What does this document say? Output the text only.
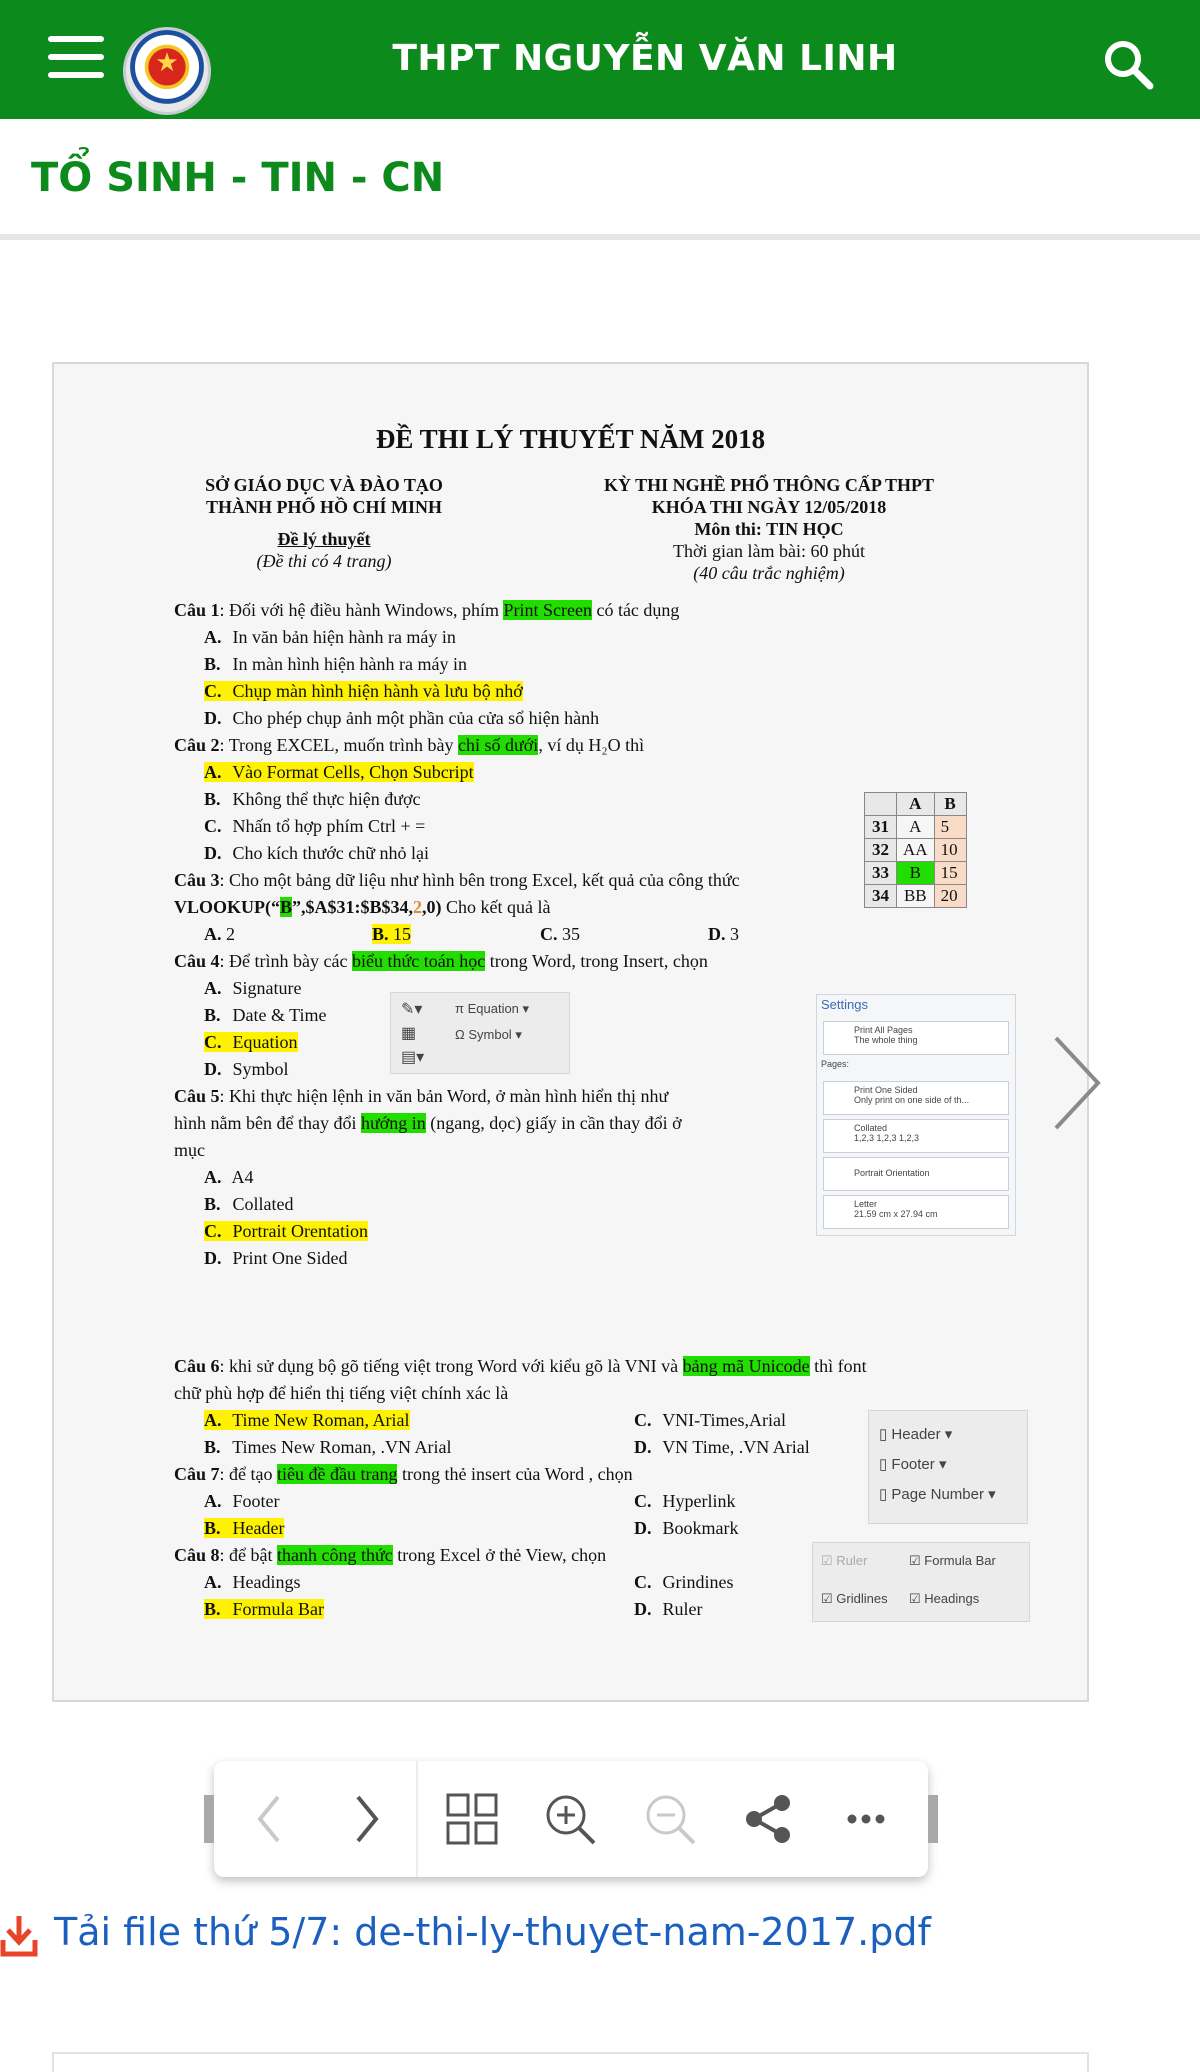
★
THPT NGUYỄN VĂN LINH
TỔ SINH - TIN - CN
ĐỀ THI LÝ THUYẾT NĂM 2018
SỞ GIÁO DỤC VÀ ĐÀO TẠO
THÀNH PHỐ HỒ CHÍ MINH
Đề lý thuyết
(Đề thi có 4 trang)
KỲ THI NGHỀ PHỔ THÔNG CẤP THPT
KHÓA THI NGÀY 12/05/2018
Môn thi: TIN HỌC
Thời gian làm bài: 60 phút
(40 câu trắc nghiệm)
Câu 1: Đối với hệ điều hành Windows, phím Print Screen có tác dụng
A. In văn bản hiện hành ra máy in
B. In màn hình hiện hành ra máy in
C. Chụp màn hình hiện hành và lưu bộ nhớ
D. Cho phép chụp ảnh một phần của cửa sổ hiện hành
Câu 2: Trong EXCEL, muốn trình bày chỉ số dưới, ví dụ H₂O thì
A. Vào Format Cells, Chọn Subcript
B. Không thể thực hiện được
C. Nhấn tổ hợp phím Ctrl + =
D. Cho kích thước chữ nhỏ lại
	A	B
31	A	5
32	AA	10
33	B	15
34	BB	20
Câu 3: Cho một bảng dữ liệu như hình bên trong Excel, kết quả của công thức
VLOOKUP(“B”,$A$31:$B$34,2,0) Cho kết quả là
A. 2	B. 15	C. 35	D. 3
Câu 4: Để trình bày các biểu thức toán học trong Word, trong Insert, chọn
A. Signature
B. Date & Time
C. Equation
D. Symbol
✎▾
▦
▤▾
π Equation ▾
Ω Symbol ▾
Câu 5: Khi thực hiện lệnh in văn bản Word, ở màn hình hiển thị như
hình nằm bên để thay đổi hướng in (ngang, dọc) giấy in cần thay đổi ở
mục
A. A4
B. Collated
C. Portrait Orentation
D. Print One Sided
Settings
Print All Pages
The whole thing
Pages:
Print One Sided
Only print on one side of th...
Collated
1,2,3 1,2,3 1,2,3
Portrait Orientation
Letter
21.59 cm x 27.94 cm
Câu 6: khi sử dụng bộ gõ tiếng việt trong Word với kiểu gõ là VNI và bảng mã Unicode thì font
chữ phù hợp để hiển thị tiếng việt chính xác là
A. Time New Roman, Arial	C. VNI-Times,Arial
B. Times New Roman, .VN Arial	D. VN Time, .VN Arial
▯ Header ▾
▯ Footer ▾
▯ Page Number ▾
Câu 7: để tạo tiêu đề đầu trang trong thẻ insert của Word , chọn
A. Footer	C. Hyperlink
B. Header	D. Bookmark
☑ Ruler	☑ Formula Bar
☑ Gridlines ☑ Headings
Câu 8: để bật thanh công thức trong Excel ở thẻ View, chọn
A. Headings	C. Grindines
B. Formula Bar	D. Ruler
Tải file thứ 5/7: de-thi-ly-thuyet-nam-2017.pdf
